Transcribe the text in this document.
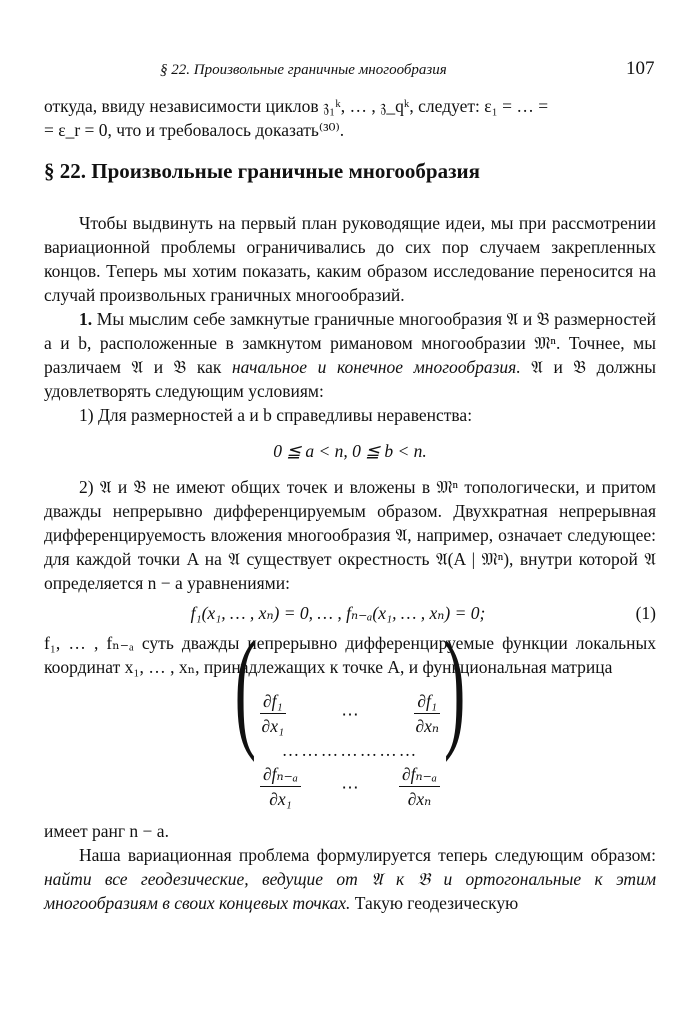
§ 22. Произвольные граничные многообразия	107

откуда, ввиду независимости циклов 𝔷₁ᵏ, … , 𝔷_qᵏ, следует: ε₁ = … =

= ε_r = 0, что и требовалось доказать⁽³⁰⁾.

§ 22. Произвольные граничные многообразия

Чтобы выдвинуть на первый план руководящие идеи, мы при рассмотрении вариационной проблемы ограничивались до сих пор случаем закрепленных концов. Теперь мы хотим показать, каким образом исследование переносится на случай произвольных граничных многообразий.

1. Мы мыслим себе замкнутые граничные многообразия 𝔄 и 𝔅 размерностей a и b, расположенные в замкнутом римановом многообразии 𝔐ⁿ. Точнее, мы различаем 𝔄 и 𝔅 как начальное и конечное многообразия. 𝔄 и 𝔅 должны удовлетворять следующим условиям:

1) Для размерностей a и b справедливы неравенства:

0 ≦ a < n, 0 ≦ b < n.

2) 𝔄 и 𝔅 не имеют общих точек и вложены в 𝔐ⁿ топологически, и притом дважды непрерывно дифференцируемым образом. Двухкратная непрерывная дифференцируемость вложения многообразия 𝔄, например, означает следующее: для каждой точки A на 𝔄 существует окрестность 𝔄(A | 𝔐ⁿ), внутри которой 𝔄 определяется n − a уравнениями:

f₁(x₁, … , xₙ) = 0, … , fₙ₋ₐ(x₁, … , xₙ) = 0;	(1)

f₁, … , fₙ₋ₐ суть дважды непрерывно дифференцируемые функции локальных координат x₁, … , xₙ, принадлежащих к точке A, и функциональная матрица

( $\frac{\text{∂f₁}}{\text{∂x₁}}$	⋯	$\frac{\text{∂f₁}}{\text{∂xₙ}}$
…………………
$\frac{\text{∂fₙ₋ₐ}}{\text{∂x₁}}$ ⋯ $\frac{\text{∂fₙ₋ₐ}}{\text{∂xₙ}}$
)

имеет ранг n − a.

Наша вариационная проблема формулируется теперь следующим образом: найти все геодезические, ведущие от 𝔄 к 𝔅 и ортогональные к этим многообразиям в своих концевых точках. Такую геодезическую
